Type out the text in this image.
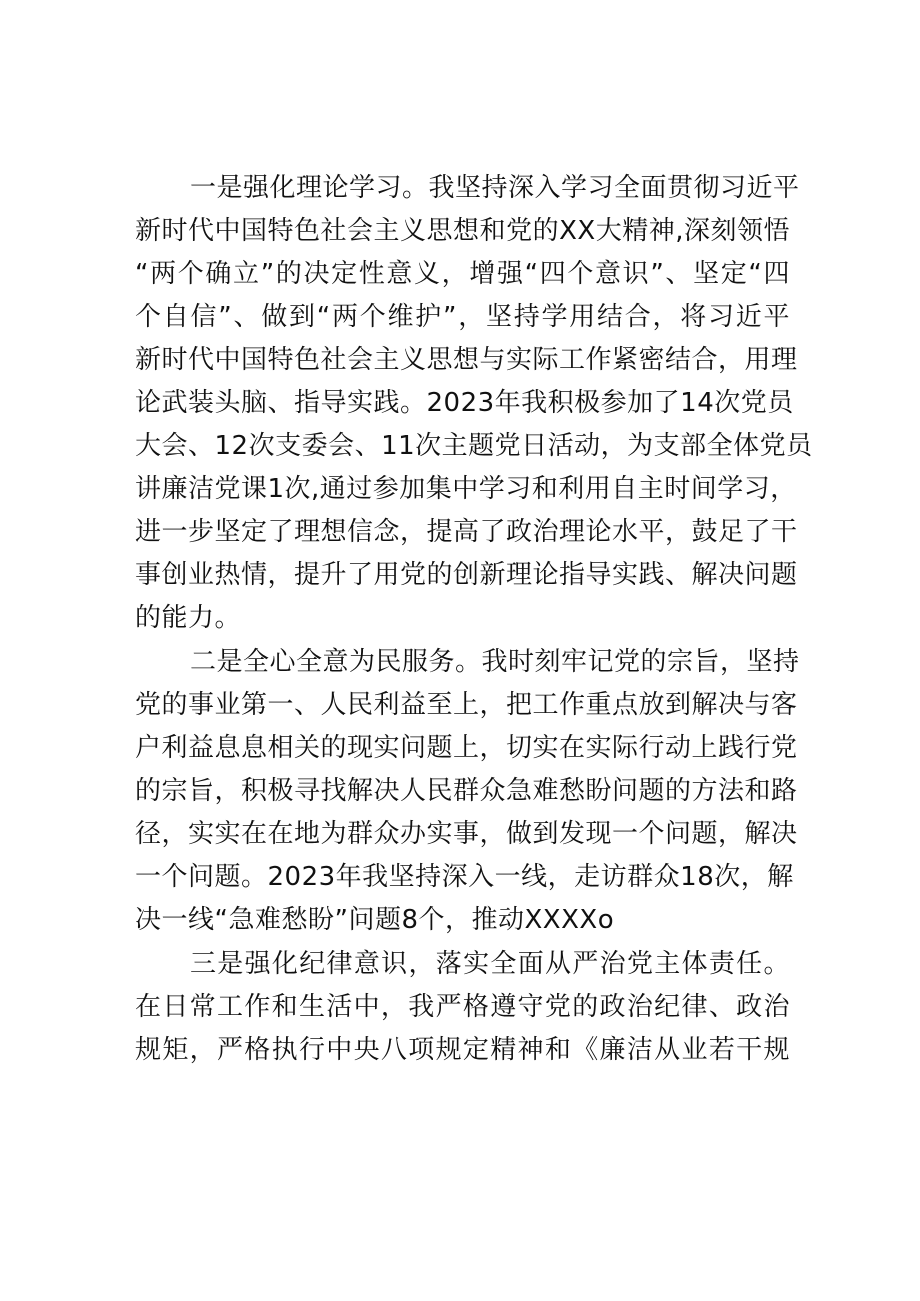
一是强化理论学习。我坚持深入学习全面贯彻习近平

新时代中国特色社会主义思想和党的XX大精神,深刻领悟

“两个确立”的决定性意义，增强“四个意识”、坚定“四

个自信”、做到“两个维护”，坚持学用结合，将习近平

新时代中国特色社会主义思想与实际工作紧密结合，用理

论武装头脑、指导实践。2023年我积极参加了14次党员

大会、12次支委会、11次主题党日活动，为支部全体党员

讲廉洁党课1次,通过参加集中学习和利用自主时间学习，

进一步坚定了理想信念，提高了政治理论水平，鼓足了干

事创业热情，提升了用党的创新理论指导实践、解决问题

的能力。

二是全心全意为民服务。我时刻牢记党的宗旨，坚持

党的事业第一、人民利益至上，把工作重点放到解决与客

户利益息息相关的现实问题上，切实在实际行动上践行党

的宗旨，积极寻找解决人民群众急难愁盼问题的方法和路

径，实实在在地为群众办实事，做到发现一个问题，解决

一个问题。2023年我坚持深入一线，走访群众18次，解

决一线“急难愁盼”问题8个，推动XXXXo

三是强化纪律意识，落实全面从严治党主体责任。

在日常工作和生活中，我严格遵守党的政治纪律、政治

规矩，严格执行中央八项规定精神和《廉洁从业若干规
